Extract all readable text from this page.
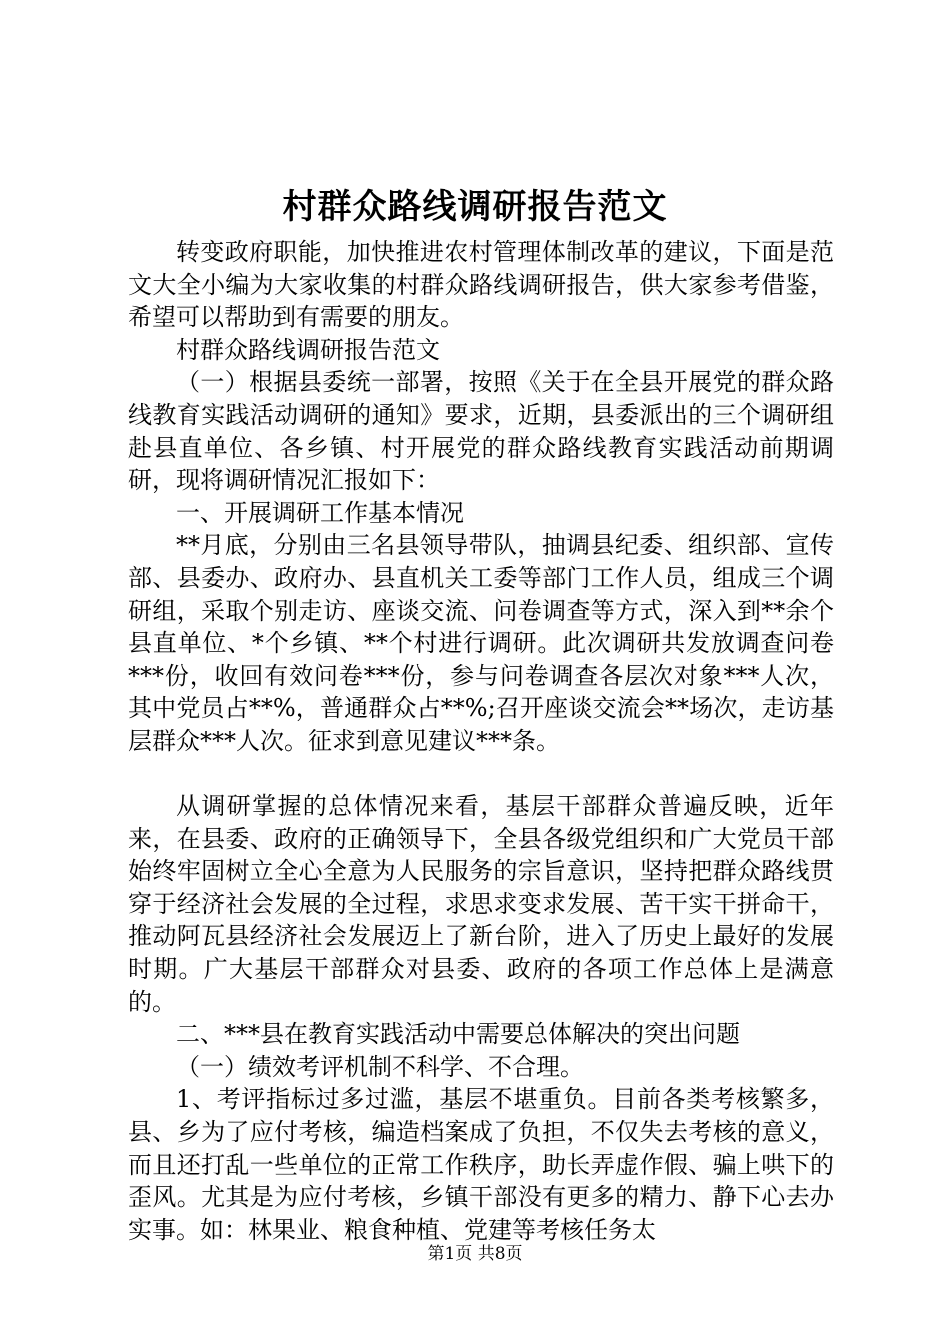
村群众路线调研报告范文

转变政府职能，加快推进农村管理体制改革的建议，下面是范文大全小编为大家收集的村群众路线调研报告，供大家参考借鉴，希望可以帮助到有需要的朋友。

村群众路线调研报告范文

（一）根据县委统一部署，按照《关于在全县开展党的群众路线教育实践活动调研的通知》要求，近期，县委派出的三个调研组赴县直单位、各乡镇、村开展党的群众路线教育实践活动前期调研，现将调研情况汇报如下：

一、开展调研工作基本情况

**月底，分别由三名县领导带队，抽调县纪委、组织部、宣传部、县委办、政府办、县直机关工委等部门工作人员，组成三个调研组，采取个别走访、座谈交流、问卷调查等方式，深入到**余个县直单位、*个乡镇、**个村进行调研。此次调研共发放调查问卷***份，收回有效问卷***份，参与问卷调查各层次对象***人次，其中党员占**%，普通群众占**%;召开座谈交流会**场次，走访基层群众***人次。征求到意见建议***条。

从调研掌握的总体情况来看，基层干部群众普遍反映，近年来，在县委、政府的正确领导下，全县各级党组织和广大党员干部始终牢固树立全心全意为人民服务的宗旨意识，坚持把群众路线贯穿于经济社会发展的全过程，求思求变求发展、苦干实干拼命干，推动阿瓦县经济社会发展迈上了新台阶，进入了历史上最好的发展时期。广大基层干部群众对县委、政府的各项工作总体上是满意的。

二、***县在教育实践活动中需要总体解决的突出问题

（一）绩效考评机制不科学、不合理。

1、考评指标过多过滥，基层不堪重负。目前各类考核繁多，县、乡为了应付考核，编造档案成了负担，不仅失去考核的意义，而且还打乱一些单位的正常工作秩序，助长弄虚作假、骗上哄下的歪风。尤其是为应付考核，乡镇干部没有更多的精力、静下心去办实事。如：林果业、粮食种植、党建等考核任务太

第1页 共8页
